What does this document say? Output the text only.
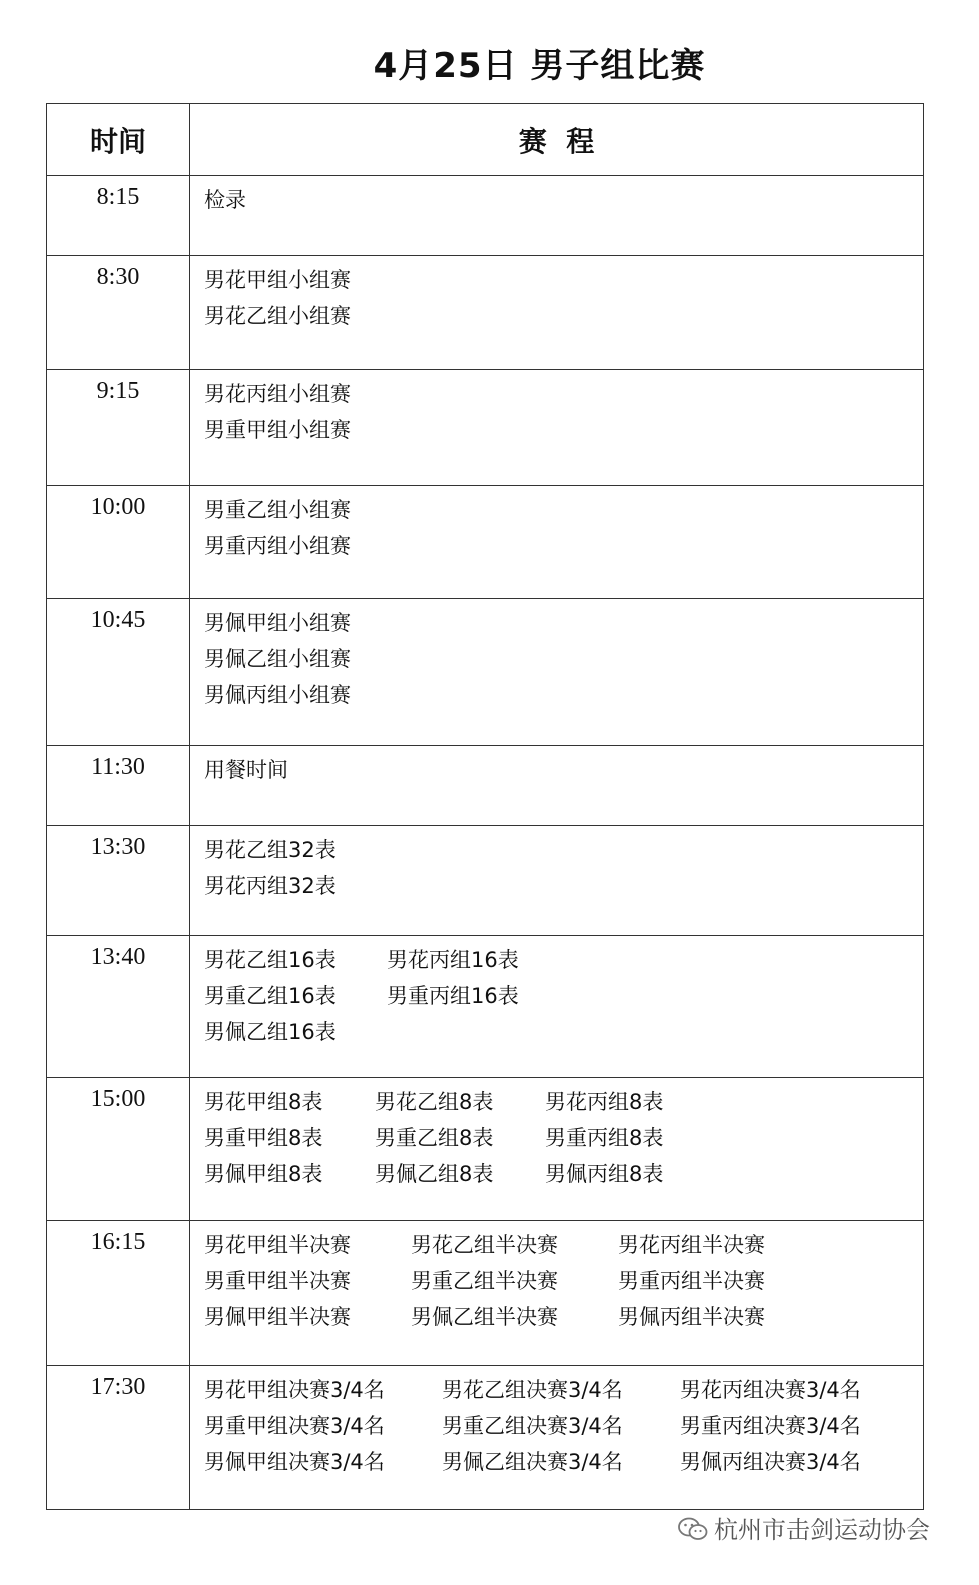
4月25日 男子组比赛
时间	赛  程
8:15	检录

8:30	男花甲组小组赛
男花乙组小组赛

9:15	男花丙组小组赛
男重甲组小组赛

10:00	男重乙组小组赛
男重丙组小组赛

10:45	男佩甲组小组赛
男佩乙组小组赛
男佩丙组小组赛

11:30	用餐时间

13:30	男花乙组32表
男花丙组32表

13:40	男花乙组16表 男花丙组16表
男重乙组16表 男重丙组16表
男佩乙组16表

15:00	男花甲组8表 男花乙组8表 男花丙组8表
男重甲组8表 男重乙组8表 男重丙组8表
男佩甲组8表 男佩乙组8表 男佩丙组8表

16:15	男花甲组半决赛 男花乙组半决赛 男花丙组半决赛
男重甲组半决赛 男重乙组半决赛 男重丙组半决赛
男佩甲组半决赛 男佩乙组半决赛 男佩丙组半决赛

17:30	男花甲组决赛3/4名 男花乙组决赛3/4名 男花丙组决赛3/4名
男重甲组决赛3/4名 男重乙组决赛3/4名 男重丙组决赛3/4名
男佩甲组决赛3/4名 男佩乙组决赛3/4名 男佩丙组决赛3/4名
杭州市击剑运动协会
